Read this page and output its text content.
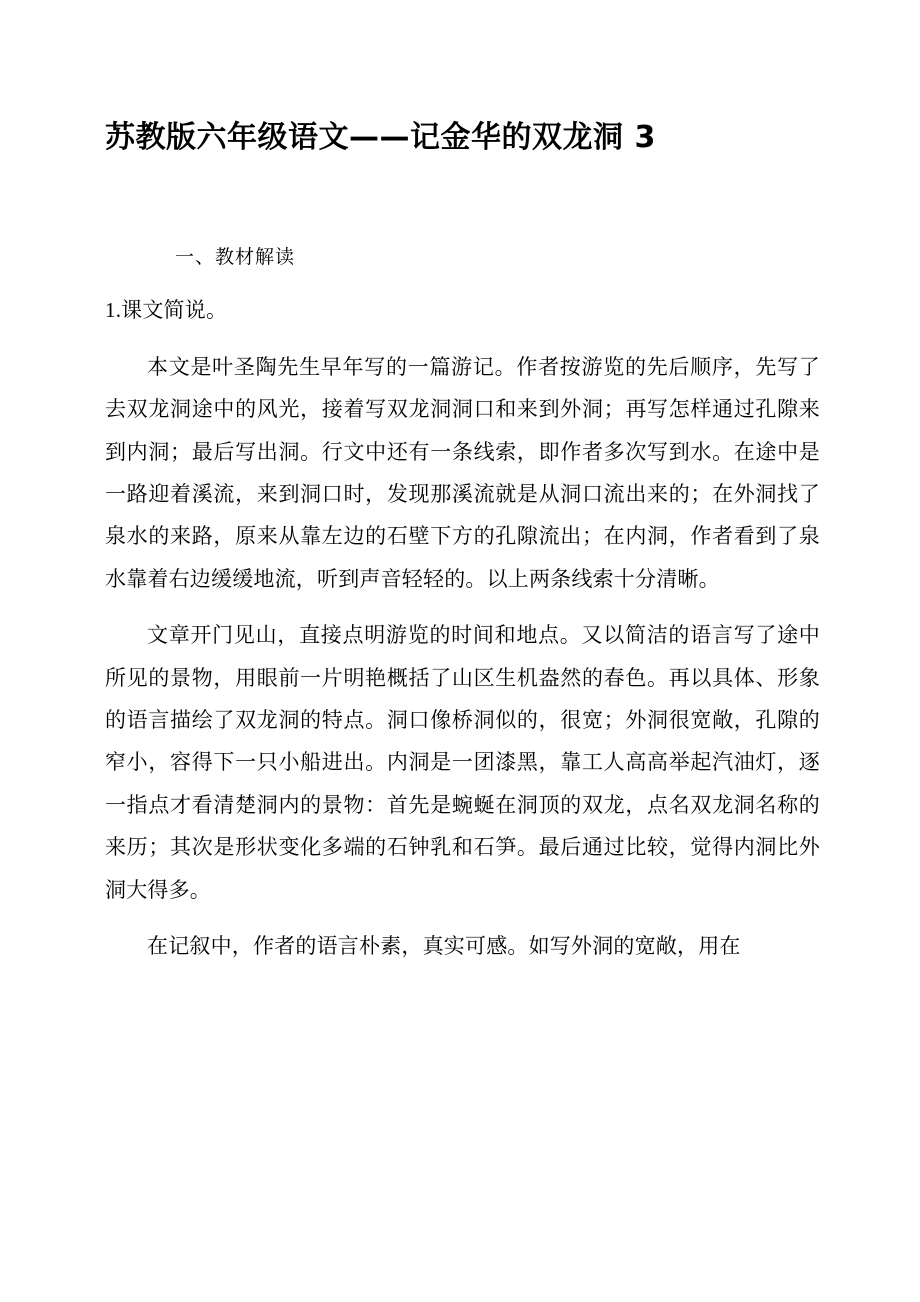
苏教版六年级语文——记金华的双龙洞 3
一、教材解读

1.课文简说。

本文是叶圣陶先生早年写的一篇游记。作者按游览的先后顺序，先写了去双龙洞途中的风光，接着写双龙洞洞口和来到外洞；再写怎样通过孔隙来到内洞；最后写出洞。行文中还有一条线索，即作者多次写到水。在途中是一路迎着溪流，来到洞口时，发现那溪流就是从洞口流出来的；在外洞找了泉水的来路，原来从靠左边的石壁下方的孔隙流出；在内洞，作者看到了泉水靠着右边缓缓地流，听到声音轻轻的。以上两条线索十分清晰。

文章开门见山，直接点明游览的时间和地点。又以简洁的语言写了途中所见的景物，用眼前一片明艳概括了山区生机盎然的春色。再以具体、形象的语言描绘了双龙洞的特点。洞口像桥洞似的，很宽；外洞很宽敞，孔隙的窄小，容得下一只小船进出。内洞是一团漆黑，靠工人高高举起汽油灯，逐一指点才看清楚洞内的景物：首先是蜿蜒在洞顶的双龙，点名双龙洞名称的来历；其次是形状变化多端的石钟乳和石笋。最后通过比较，觉得内洞比外洞大得多。

在记叙中，作者的语言朴素，真实可感。如写外洞的宽敞，用在
